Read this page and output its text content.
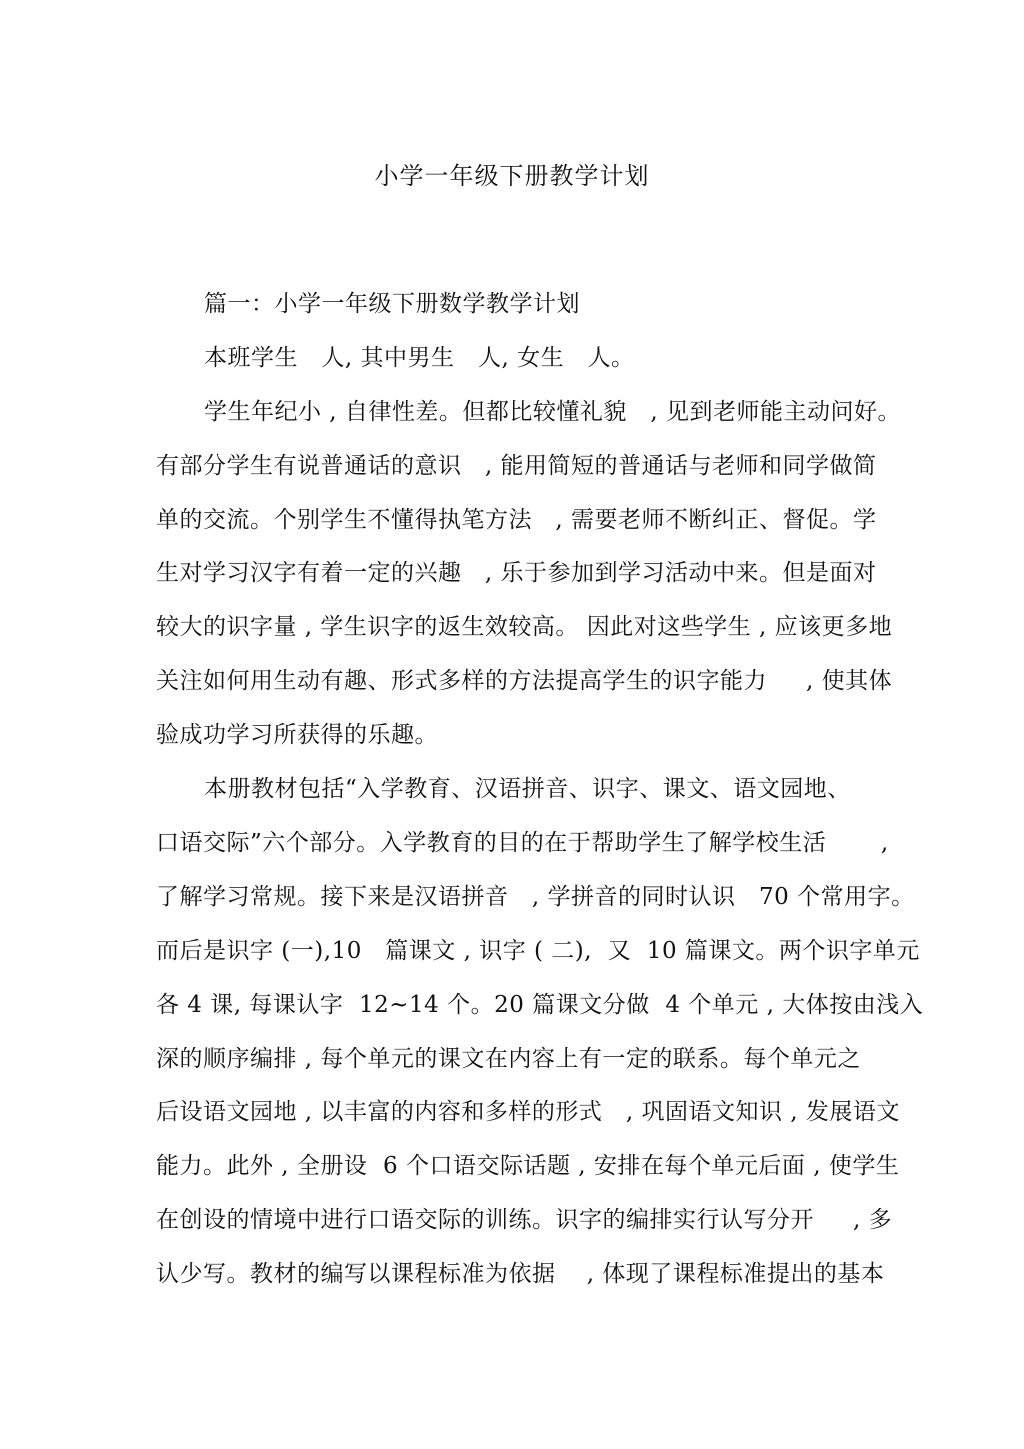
小学一年级下册教学计划
篇一：小学一年级下册数学教学计划
本班学生   人, 其中男生   人, 女生   人。
学生年纪小 , 自律性差。但都比较懂礼貌   , 见到老师能主动问好。
有部分学生有说普通话的意识   , 能用简短的普通话与老师和同学做简
单的交流。个别学生不懂得执笔方法   , 需要老师不断纠正、督促。学
生对学习汉字有着一定的兴趣   , 乐于参加到学习活动中来。但是面对
较大的识字量 , 学生识字的返生效较高。 因此对这些学生 , 应该更多地
关注如何用生动有趣、形式多样的方法提高学生的识字能力     , 使其体
验成功学习所获得的乐趣。
本册教材包括“入学教育、汉语拼音、识字、课文、语文园地、
口语交际”六个部分。入学教育的目的在于帮助学生了解学校生活       ,
了解学习常规。接下来是汉语拼音   , 学拼音的同时认识   70 个常用字。
而后是识字 (一),10   篇课文 , 识字 ( 二),  又  10 篇课文。两个识字单元
各 4 课, 每课认字  12~14 个。20 篇课文分做  4 个单元 , 大体按由浅入
深的顺序编排 , 每个单元的课文在内容上有一定的联系。每个单元之
后设语文园地 , 以丰富的内容和多样的形式   , 巩固语文知识 , 发展语文
能力。此外 , 全册设  6 个口语交际话题 , 安排在每个单元后面 , 使学生
在创设的情境中进行口语交际的训练。识字的编排实行认写分开     , 多
认少写。教材的编写以课程标准为依据    , 体现了课程标准提出的基本
